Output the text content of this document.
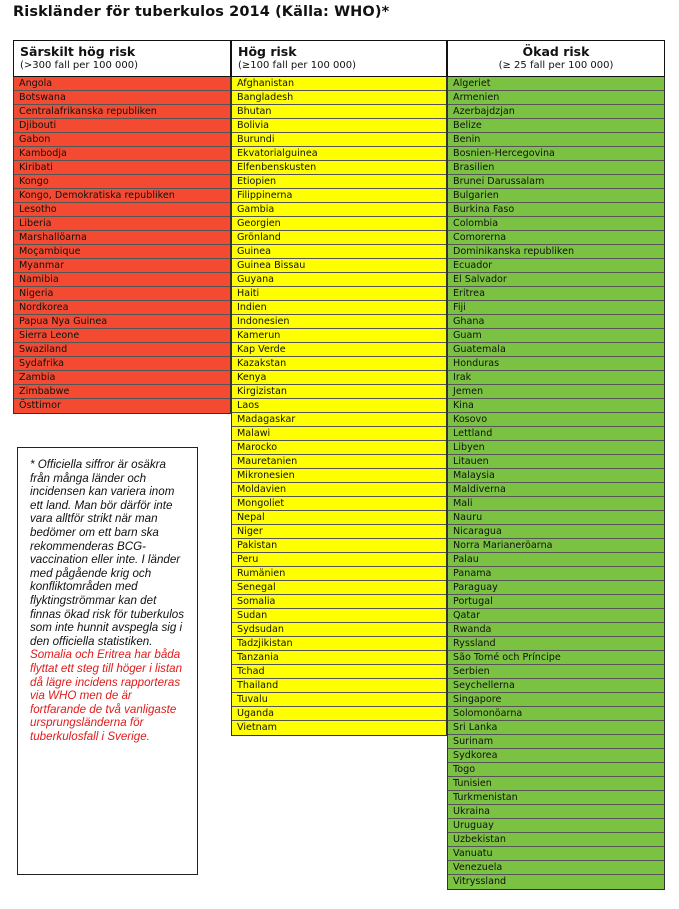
Riskländer för tuberkulos 2014 (Källa: WHO)*
Särskilt hög risk
(>300 fall per 100 000)
Angola
Botswana
Centralafrikanska republiken
Djibouti
Gabon
Kambodja
Kiribati
Kongo
Kongo, Demokratiska republiken
Lesotho
Liberia
Marshallöarna
Moçambique
Myanmar
Namibia
Nigeria
Nordkorea
Papua Nya Guinea
Sierra Leone
Swaziland
Sydafrika
Zambia
Zimbabwe
Östtimor
Hög risk
(≥100 fall per 100 000)
Afghanistan
Bangladesh
Bhutan
Bolivia
Burundi
Ekvatorialguinea
Elfenbenskusten
Etiopien
Filippinerna
Gambia
Georgien
Grönland
Guinea
Guinea Bissau
Guyana
Haiti
Indien
Indonesien
Kamerun
Kap Verde
Kazakstan
Kenya
Kirgizistan
Laos
Madagaskar
Malawi
Marocko
Mauretanien
Mikronesien
Moldavien
Mongoliet
Nepal
Niger
Pakistan
Peru
Rumänien
Senegal
Somalia
Sudan
Sydsudan
Tadzjikistan
Tanzania
Tchad
Thailand
Tuvalu
Uganda
Vietnam
Ökad risk
(≥ 25 fall per 100 000)
Algeriet
Armenien
Azerbajdzjan
Belize
Benin
Bosnien-Hercegovina
Brasilien
Brunei Darussalam
Bulgarien
Burkina Faso
Colombia
Comorerna
Dominikanska republiken
Ecuador
El Salvador
Eritrea
Fiji
Ghana
Guam
Guatemala
Honduras
Irak
Jemen
Kina
Kosovo
Lettland
Libyen
Litauen
Malaysia
Maldiverna
Mali
Nauru
Nicaragua
Norra Marianeröarna
Palau
Panama
Paraguay
Portugal
Qatar
Rwanda
Ryssland
São Tomé och Príncipe
Serbien
Seychellerna
Singapore
Solomonöarna
Sri Lanka
Surinam
Sydkorea
Togo
Tunisien
Turkmenistan
Ukraina
Uruguay
Uzbekistan
Vanuatu
Venezuela
Vitryssland
* Officiella siffror är osäkra från många länder och incidensen kan variera inom ett land. Man bör därför inte vara alltför strikt när man bedömer om ett barn ska rekommenderas BCG-vaccination eller inte. I länder med pågående krig och konfliktområden med flyktingströmmar kan det finnas ökad risk för tuberkulos som inte hunnit avspegla sig i den officiella statistiken. Somalia och Eritrea har båda flyttat ett steg till höger i listan då lägre incidens rapporteras via WHO men de är fortfarande de två vanligaste ursprungsländerna för tuberkulosfall i Sverige.
